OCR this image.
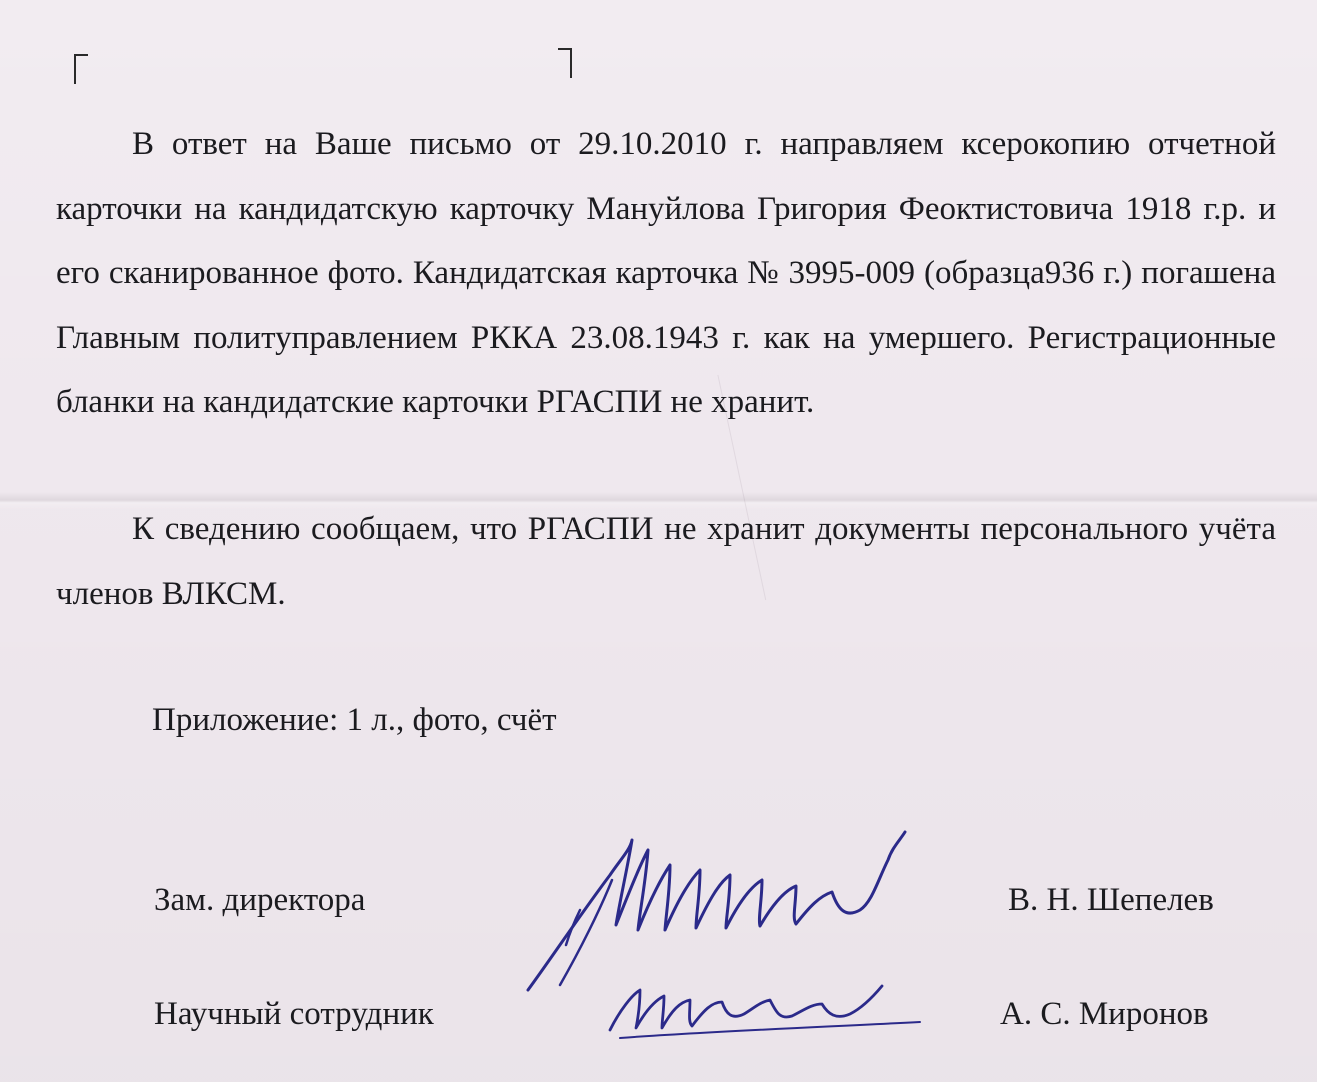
В ответ на Ваше письмо от 29.10.2010 г. направляем ксерокопию отчетной карточки на кандидатскую карточку Мануйлова Григория Феоктистовича 1918 г.р. и его сканированное фото. Кандидатская карточка № 3995-009 (образца936 г.) погашена Главным политуправлением РККА 23.08.1943 г. как на умершего. Регистрационные бланки на кандидатские карточки РГАСПИ не хранит.

К сведению сообщаем, что РГАСПИ не хранит документы персонального учёта членов ВЛКСМ.

Приложение: 1 л., фото, счёт

Зам. директора	В. Н. Шепелев
Научный сотрудник	А. С. Миронов
